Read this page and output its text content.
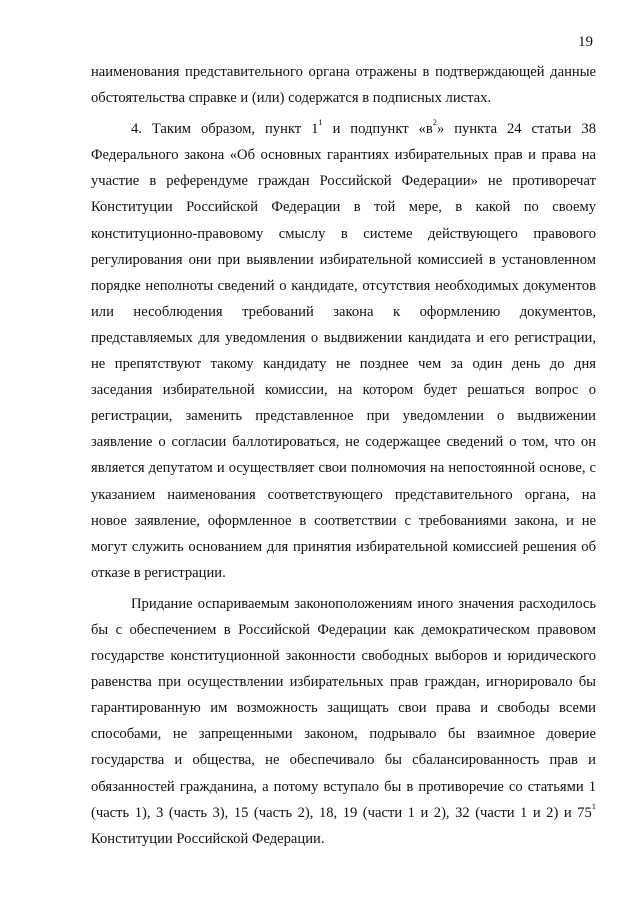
19
наименования представительного органа отражены в подтверждающей данные
обстоятельства справке и (или) содержатся в подписных листах.
4. Таким образом, пункт $1^1$ и подпункт «$в^2$» пункта 24 статьи 38
Федерального закона «Об основных гарантиях избирательных прав и права на
участие в референдуме граждан Российской Федерации» не противоречат
Конституции Российской Федерации в той мере, в какой по своему
конституционно-правовому смыслу в системе действующего правового
регулирования они при выявлении избирательной комиссией в установленном
порядке неполноты сведений о кандидате, отсутствия необходимых документов
или несоблюдения требований закона к оформлению документов,
представляемых для уведомления о выдвижении кандидата и его регистрации,
не препятствуют такому кандидату не позднее чем за один день до дня
заседания избирательной комиссии, на котором будет решаться вопрос о
регистрации, заменить представленное при уведомлении о выдвижении
заявление о согласии баллотироваться, не содержащее сведений о том, что он
является депутатом и осуществляет свои полномочия на непостоянной основе, с
указанием наименования соответствующего представительного органа, на
новое заявление, оформленное в соответствии с требованиями закона, и не
могут служить основанием для принятия избирательной комиссией решения об
отказе в регистрации.
Придание оспариваемым законоположениям иного значения расходилось
бы с обеспечением в Российской Федерации как демократическом правовом
государстве конституционной законности свободных выборов и юридического
равенства при осуществлении избирательных прав граждан, игнорировало бы
гарантированную им возможность защищать свои права и свободы всеми
способами, не запрещенными законом, подрывало бы взаимное доверие
государства и общества, не обеспечивало бы сбалансированность прав и
обязанностей гражданина, а потому вступало бы в противоречие со статьями 1
(часть 1), 3 (часть 3), 15 (часть 2), 18, 19 (части 1 и 2), 32 (части 1 и 2) и $75^1$
Конституции Российской Федерации.
